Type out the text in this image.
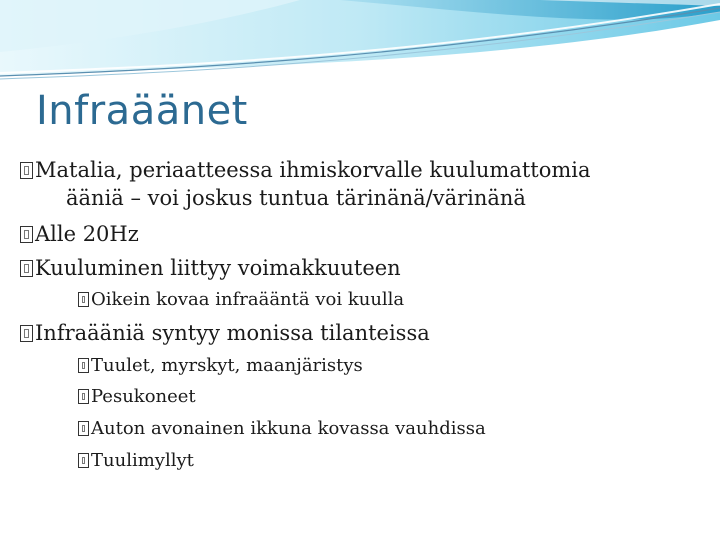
Infraäänet
Matalia, periaatteessa ihmiskorvalle kuulumattomia
ääniä – voi joskus tuntua tärinänä/värinänä
Alle 20Hz
Kuuluminen liittyy voimakkuuteen
Oikein kovaa infraääntä voi kuulla
Infraääniä syntyy monissa tilanteissa
Tuulet, myrskyt, maanjäristys
Pesukoneet
Auton avonainen ikkuna kovassa vauhdissa
Tuulimyllyt
